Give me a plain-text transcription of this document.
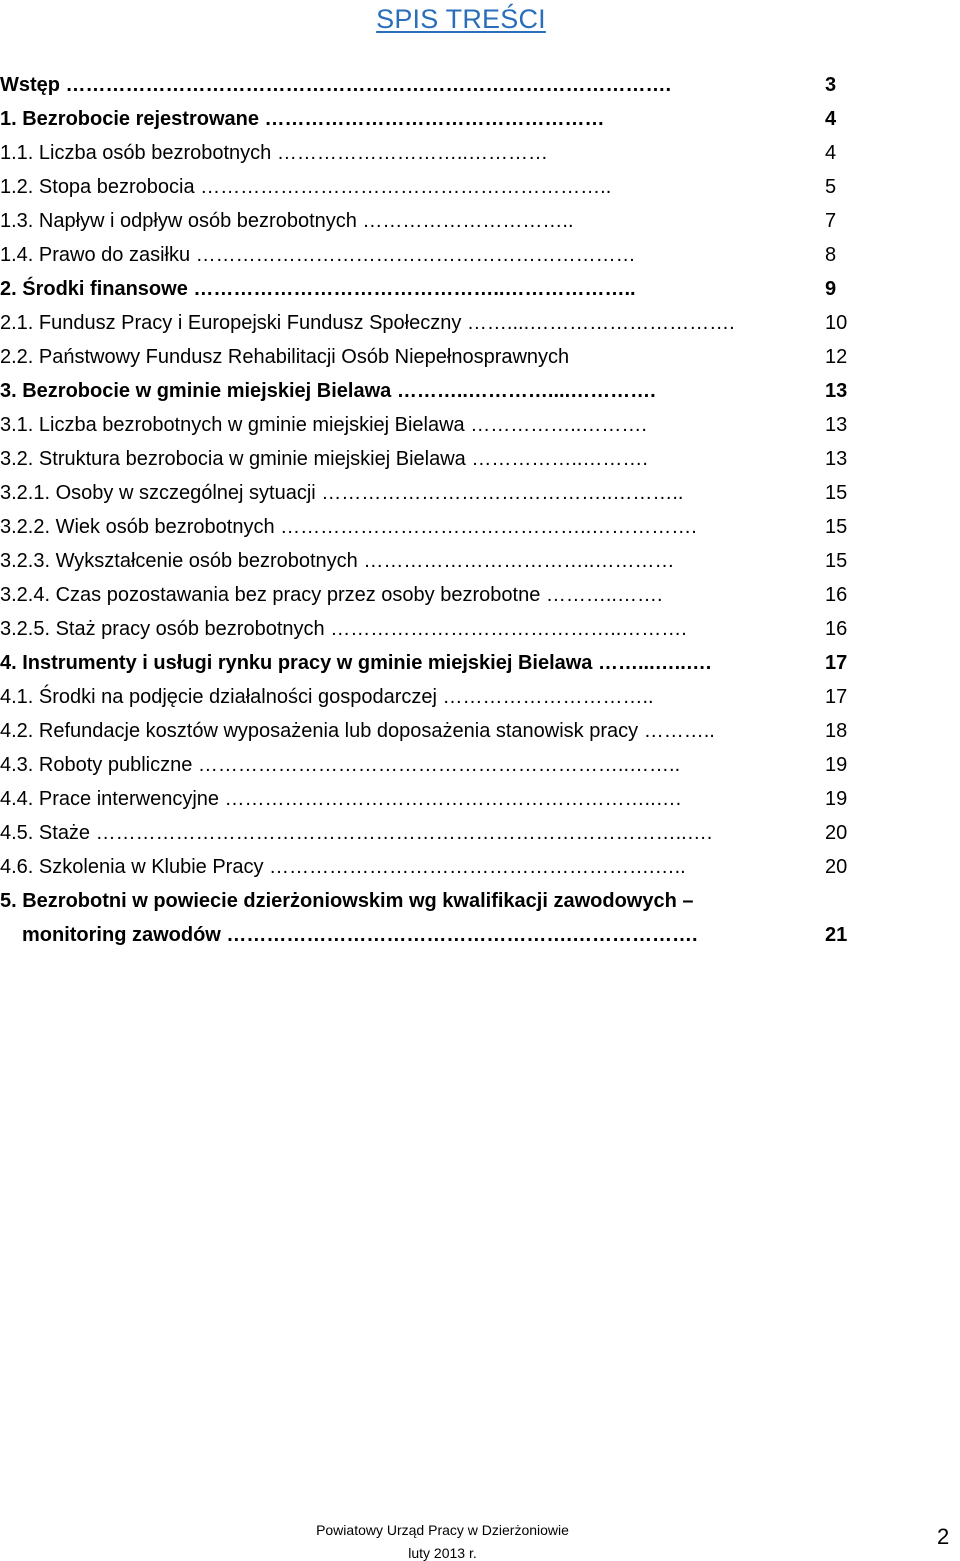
SPIS TREŚCI
Wstęp ……………………………………………………………………………….	3
1. Bezrobocie rejestrowane ……………………………………………	4
1.1. Liczba osób bezrobotnych ………………………..…………	4
1.2. Stopa bezrobocia ……………………………………………………..	5
1.3. Napływ i odpływ osób bezrobotnych …………………………..	7
1.4. Prawo do zasiłku …………………………………………………………	8
2. Środki finansowe ………………………………………..………………..	9
2.1. Fundusz Pracy i Europejski Fundusz Społeczny ……....………………………….	10
2.2. Państwowy Fundusz Rehabilitacji Osób Niepełnosprawnych	12
3. Bezrobocie w gminie miejskiej Bielawa ………..…………....………….	13
3.1. Liczba bezrobotnych w gminie miejskiej Bielawa ……………..……….	13
3.2. Struktura bezrobocia w gminie miejskiej Bielawa ……………..……….	13
3.2.1. Osoby w szczególnej sytuacji ……………………………………..………..	15
3.2.2. Wiek osób bezrobotnych ………………………………………..…………….	15
3.2.3. Wykształcenie osób bezrobotnych ……………………………..…………	15
3.2.4. Czas pozostawania bez pracy przez osoby bezrobotne ………..…….	16
3.2.5. Staż pracy osób bezrobotnych ……………………………………..……….	16
4. Instrumenty i usługi rynku pracy w gminie miejskiej Bielawa ……...…..….	17
4.1. Środki na podjęcie działalności gospodarczej …………………………..	17
4.2. Refundacje kosztów wyposażenia lub doposażenia stanowisk pracy ………..	18
4.3. Roboty publiczne ………………………………………………………..……..	19
4.4. Prace interwencyjne ………………………………………………………..….	19
4.5. Staże ……………………………………………………………………………..….	20
4.6. Szkolenia w Klubie Pracy ………………………………………………….…..	20
5. Bezrobotni w powiecie dzierżoniowskim wg kwalifikacji zawodowych –
monitoring zawodów …………………………………………….……………….	21
Powiatowy Urząd Pracy w Dzierżoniowie
luty 2013 r.
2
